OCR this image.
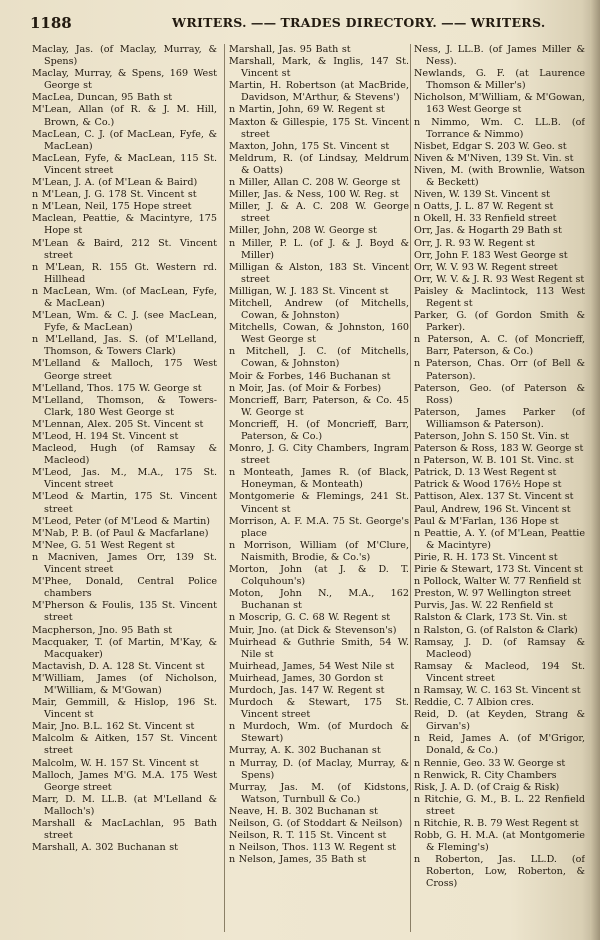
1188	WRITERS. —— TRADES DIRECTORY. —— WRITERS.

Maclay, Jas. (of Maclay, Murray, & Spens)

Maclay, Murray, & Spens, 169 West George st

MacLea, Duncan, 95 Bath st

M'Lean, Allan (of R. & J. M. Hill, Brown, & Co.)

MacLean, C. J. (of MacLean, Fyfe, & MacLean)

MacLean, Fyfe, & MacLean, 115 St. Vincent street

M'Lean, J. A. (of M'Lean & Baird)

n M'Lean, J. G. 178 St. Vincent st

n M'Lean, Neil, 175 Hope street

Maclean, Peattie, & Macintyre, 175 Hope st

M'Lean & Baird, 212 St. Vincent street

n M'Lean, R. 155 Gt. Western rd. Hillhead

n MacLean, Wm. (of MacLean, Fyfe, & MacLean)

M'Lean, Wm. & C. J. (see MacLean, Fyfe, & MacLean)

n M'Lelland, Jas. S. (of M'Lelland, Thomson, & Towers Clark)

M'Lelland & Malloch, 175 West George street

M'Lelland, Thos. 175 W. George st

M'Lelland, Thomson, & Towers-Clark, 180 West George st

M'Lennan, Alex. 205 St. Vincent st

M'Leod, H. 194 St. Vincent st

Macleod, Hugh (of Ramsay & Macleod)

M'Leod, Jas. M., M.A., 175 St. Vincent street

M'Leod & Martin, 175 St. Vincent street

M'Leod, Peter (of M'Leod & Martin)

M'Nab, P. B. (of Paul & Macfarlane)

M'Nee, G. 51 West Regent st

n Macniven, James Orr, 139 St. Vincent street

M'Phee, Donald, Central Police chambers

M'Pherson & Foulis, 135 St. Vincent street

Macpherson, Jno. 95 Bath st

Macquaker, T. (of Martin, M'Kay, & Macquaker)

Mactavish, D. A. 128 St. Vincent st

M'William, James (of Nicholson, M'William, & M'Gowan)

Mair, Gemmill, & Hislop, 196 St. Vincent st

Mair, Jno. B.L. 162 St. Vincent st

Malcolm & Aitken, 157 St. Vincent street

Malcolm, W. H. 157 St. Vincent st

Malloch, James M'G. M.A. 175 West George street

Marr, D. M. LL.B. (at M'Lelland & Malloch's)

Marshall & MacLachlan, 95 Bath street

Marshall, A. 302 Buchanan st

Marshall, Jas. 95 Bath st

Marshall, Mark, & Inglis, 147 St. Vincent st

Martin, H. Robertson (at MacBride, Davidson, M'Arthur, & Stevens')

n Martin, John, 69 W. Regent st

Maxton & Gillespie, 175 St. Vincent street

Maxton, John, 175 St. Vincent st

Meldrum, R. (of Lindsay, Meldrum & Oatts)

n Miller, Allan C. 208 W. George st

Miller, Jas. & Ness, 100 W. Reg. st

Miller, J. & A. C. 208 W. George street

Miller, John, 208 W. George st

n Miller, P. L. (of J. & J. Boyd & Miller)

Milligan & Alston, 183 St. Vincent street

Milligan, W. J. 183 St. Vincent st

Mitchell, Andrew (of Mitchells, Cowan, & Johnston)

Mitchells, Cowan, & Johnston, 160 West George st

n Mitchell, J. C. (of Mitchells, Cowan, & Johnston)

Moir & Forbes, 146 Buchanan st

n Moir, Jas. (of Moir & Forbes)

Moncrieff, Barr, Paterson, & Co. 45 W. George st

Moncrieff, H. (of Moncrieff, Barr, Paterson, & Co.)

Monro, J. G. City Chambers, Ingram street

n Monteath, James R. (of Black, Honeyman, & Monteath)

Montgomerie & Flemings, 241 St. Vincent st

Morrison, A. F. M.A. 75 St. George's place

n Morrison, William (of M'Clure, Naismith, Brodie, & Co.'s)

Morton, John (at J. & D. T. Colquhoun's)

Moton, John N., M.A., 162 Buchanan st

n Moscrip, G. C. 68 W. Regent st

Muir, Jno. (at Dick & Stevenson's)

Muirhead & Guthrie Smith, 54 W. Nile st

Muirhead, James, 54 West Nile st

Muirhead, James, 30 Gordon st

Murdoch, Jas. 147 W. Regent st

Murdoch & Stewart, 175 St. Vincent street

n Murdoch, Wm. (of Murdoch & Stewart)

Murray, A. K. 302 Buchanan st

n Murray, D. (of Maclay, Murray, & Spens)

Murray, Jas. M. (of Kidstons, Watson, Turnbull & Co.)

Neave, H. B. 302 Buchanan st

Neilson, G. (of Stoddart & Neilson)

Neilson, R. T. 115 St. Vincent st

n Neilson, Thos. 113 W. Regent st

n Nelson, James, 35 Bath st

Ness, J. LL.B. (of James Miller & Ness).

Newlands, G. F. (at Laurence Thomson & Miller's)

Nicholson, M'William, & M'Gowan, 163 West George st

n Nimmo, Wm. C. LL.B. (of Torrance & Nimmo)

Nisbet, Edgar S. 203 W. Geo. st

Niven & M'Niven, 139 St. Vin. st

Niven, M. (with Brownlie, Watson & Beckett)

Niven, W. 139 St. Vincent st

n Oatts, J. L. 87 W. Regent st

n Okell, H. 33 Renfield street

Orr, Jas. & Hogarth 29 Bath st

Orr, J. R. 93 W. Regent st

Orr, John F. 183 West George st

Orr, W. V. 93 W. Regent street

Orr, W. V. & J. R. 93 West Regent st

Paisley & Maclintock, 113 West Regent st

Parker, G. (of Gordon Smith & Parker).

n Paterson, A. C. (of Moncrieff, Barr, Paterson, & Co.)

n Paterson, Chas. Orr (of Bell & Paterson).

Paterson, Geo. (of Paterson & Ross)

Paterson, James Parker (of Williamson & Paterson).

Paterson, John S. 150 St. Vin. st

Paterson & Ross, 183 W. George st

n Paterson, W. B. 101 St. Vinc. st

Patrick, D. 13 West Regent st

Patrick & Wood 176½ Hope st

Pattison, Alex. 137 St. Vincent st

Paul, Andrew, 196 St. Vincent st

Paul & M'Farlan, 136 Hope st

n Peattie, A. Y. (of M'Lean, Peattie & Macintyre)

Pirie, R. H. 173 St. Vincent st

Pirie & Stewart, 173 St. Vincent st

n Pollock, Walter W. 77 Renfield st

Preston, W. 97 Wellington street

Purvis, Jas. W. 22 Renfield st

Ralston & Clark, 173 St. Vin. st

n Ralston, G. (of Ralston & Clark)

Ramsay, J. D. (of Ramsay & Macleod)

Ramsay & Macleod, 194 St. Vincent street

n Ramsay, W. C. 163 St. Vincent st

Reddie, C. 7 Albion cres.

Reid, D. (at Keyden, Strang & Girvan's)

n Reid, James A. (of M'Grigor, Donald, & Co.)

n Rennie, Geo. 33 W. George st

n Renwick, R. City Chambers

Risk, J. A. D. (of Craig & Risk)

n Ritchie, G. M., B. L. 22 Renfield street

n Ritchie, R. B. 79 West Regent st

Robb, G. H. M.A. (at Montgomerie & Fleming's)

n Roberton, Jas. LL.D. (of Roberton, Low, Roberton, & Cross)
